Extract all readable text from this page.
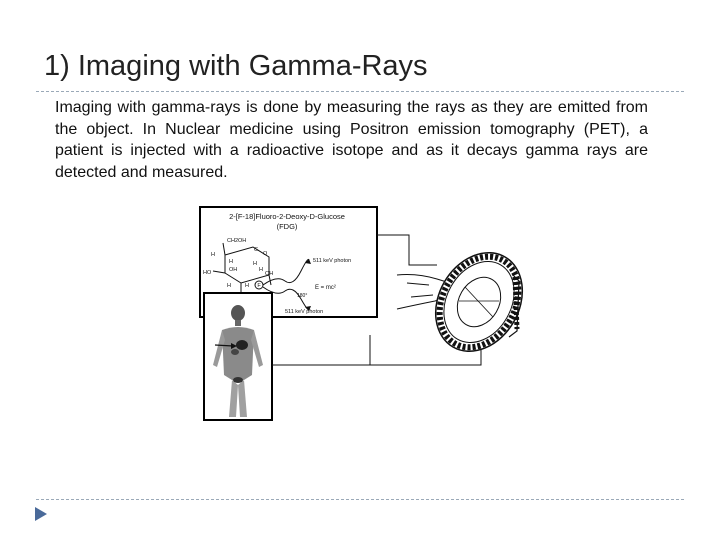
1) Imaging with Gamma-Rays

Imaging with gamma-rays is done by measuring the rays as they are emitted from the object. In Nuclear medicine using Positron emission tomography (PET), a patient is injected with a radioactive isotope and as it decays gamma rays are detected and measured.

2-[F-18]Fluoro-2-Deoxy-D-Glucose
(FDG)
CH2OH
C
O
H
H
OH
H
H
HO	OH
H
H	F
511 keV photon
511 keV photon
E = mc²
180°
